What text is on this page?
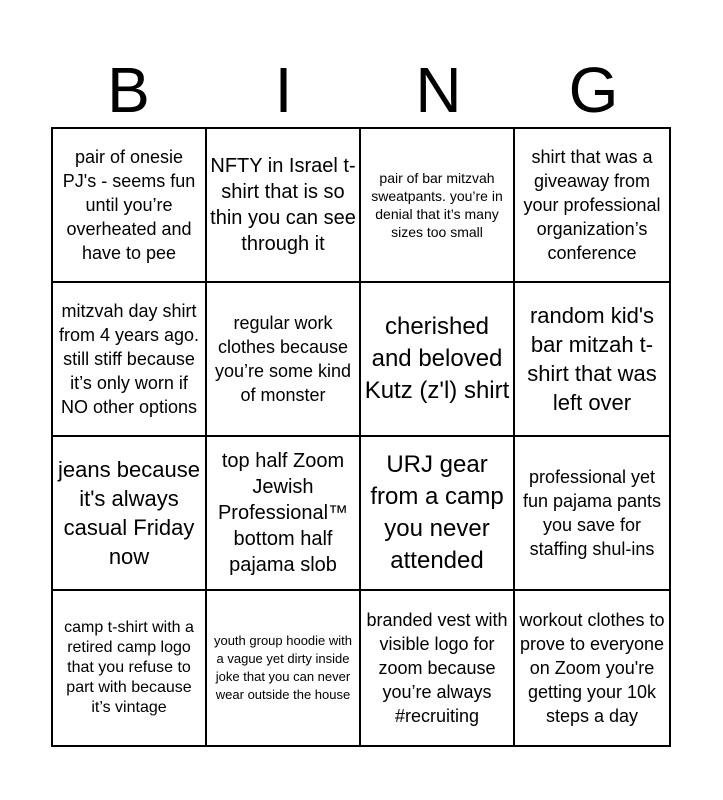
B	I	N	G
pair of onesie PJ's - seems fun until you’re overheated and have to pee
NFTY in Israel t-shirt that is so thin you can see through it
pair of bar mitzvah sweatpants. you’re in denial that it’s many sizes too small
shirt that was a giveaway from your professional organization’s conference
mitzvah day shirt from 4 years ago. still stiff because it’s only worn if NO other options
regular work clothes because you’re some kind of monster
cherished and beloved Kutz (z'l) shirt
random kid's bar mitzah t-shirt that was left over
jeans because it's always casual Friday now
top half Zoom Jewish Professional™ bottom half pajama slob
URJ gear from a camp you never attended
professional yet fun pajama pants you save for staffing shul-ins
camp t-shirt with a retired camp logo that you refuse to part with because it’s vintage
youth group hoodie with a vague yet dirty inside joke that you can never wear outside the house
branded vest with visible logo for zoom because you’re always #recruiting
workout clothes to prove to everyone on Zoom you're getting your 10k steps a day
